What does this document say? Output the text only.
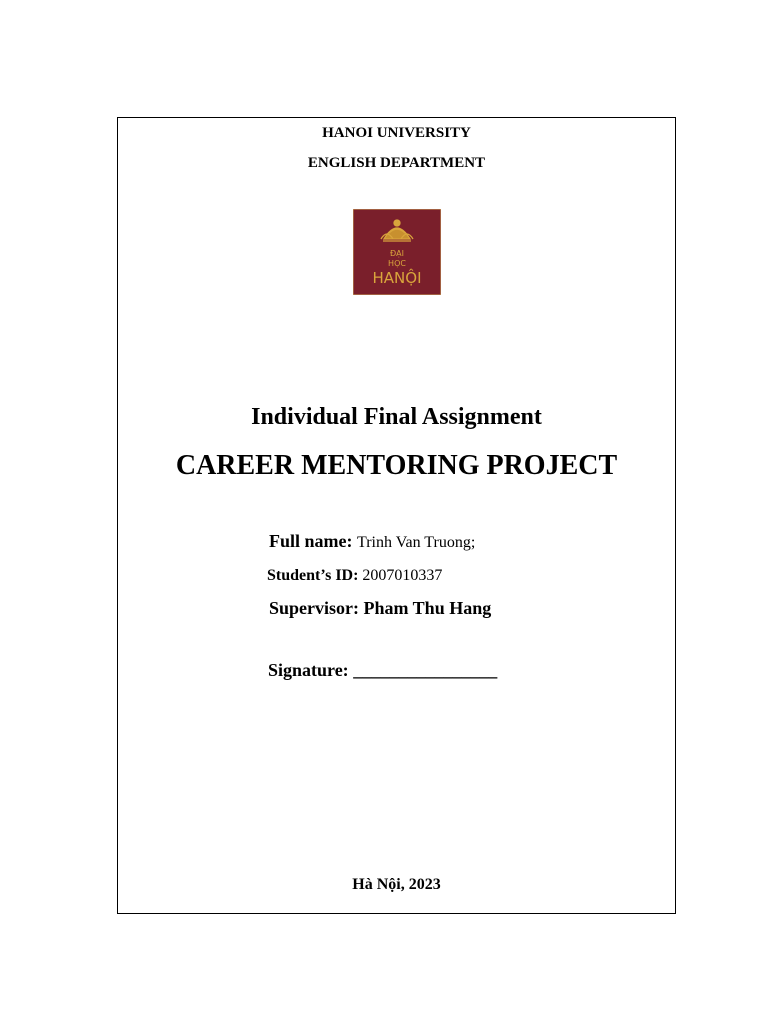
HANOI UNIVERSITY
ENGLISH DEPARTMENT
ĐẠI
HỌC
HANỘI
Individual Final Assignment
CAREER MENTORING PROJECT
Full name: Trinh Van Truong;
Student’s ID: 2007010337
Supervisor: Pham Thu Hang
Signature: ________________
Hà Nội, 2023
